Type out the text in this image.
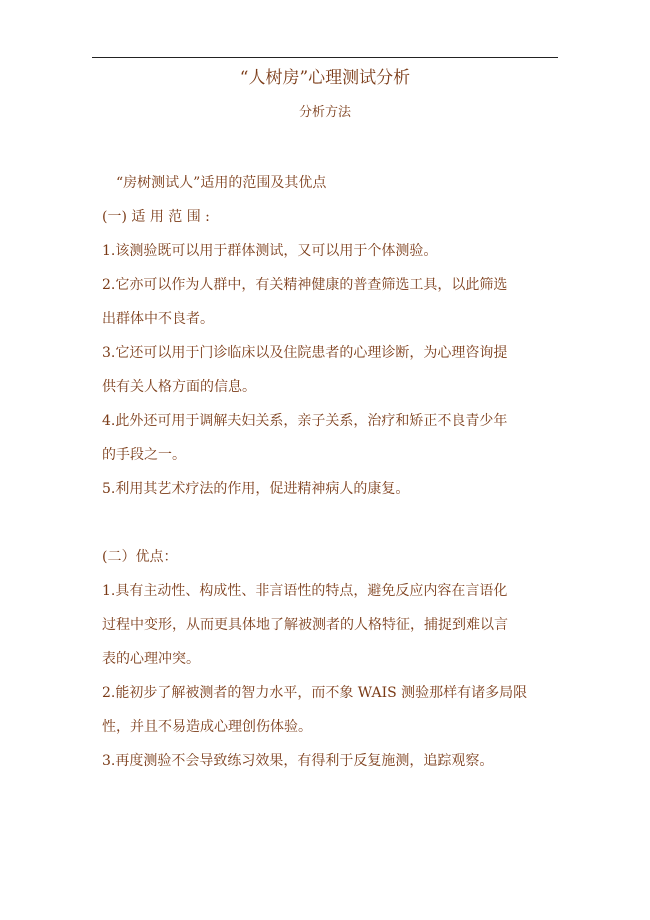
“人树房”心理测试分析
分析方法

“房树测试人”适用的范围及其优点

(一) 适 用 范 围 :

1.该测验既可以用于群体测试，又可以用于个体测验。

2.它亦可以作为人群中，有关精神健康的普查筛选工具，以此筛选

出群体中不良者。

3.它还可以用于门诊临床以及住院患者的心理诊断，为心理咨询提

供有关人格方面的信息。

4.此外还可用于调解夫妇关系，亲子关系，治疗和矫正不良青少年

的手段之一。

5.利用其艺术疗法的作用，促进精神病人的康复。

(二）优点：

1.具有主动性、构成性、非言语性的特点，避免反应内容在言语化

过程中变形，从而更具体地了解被测者的人格特征，捕捉到难以言

表的心理冲突。

2.能初步了解被测者的智力水平，而不象 WAIS 测验那样有诸多局限

性，并且不易造成心理创伤体验。

3.再度测验不会导致练习效果，有得利于反复施测，追踪观察。
